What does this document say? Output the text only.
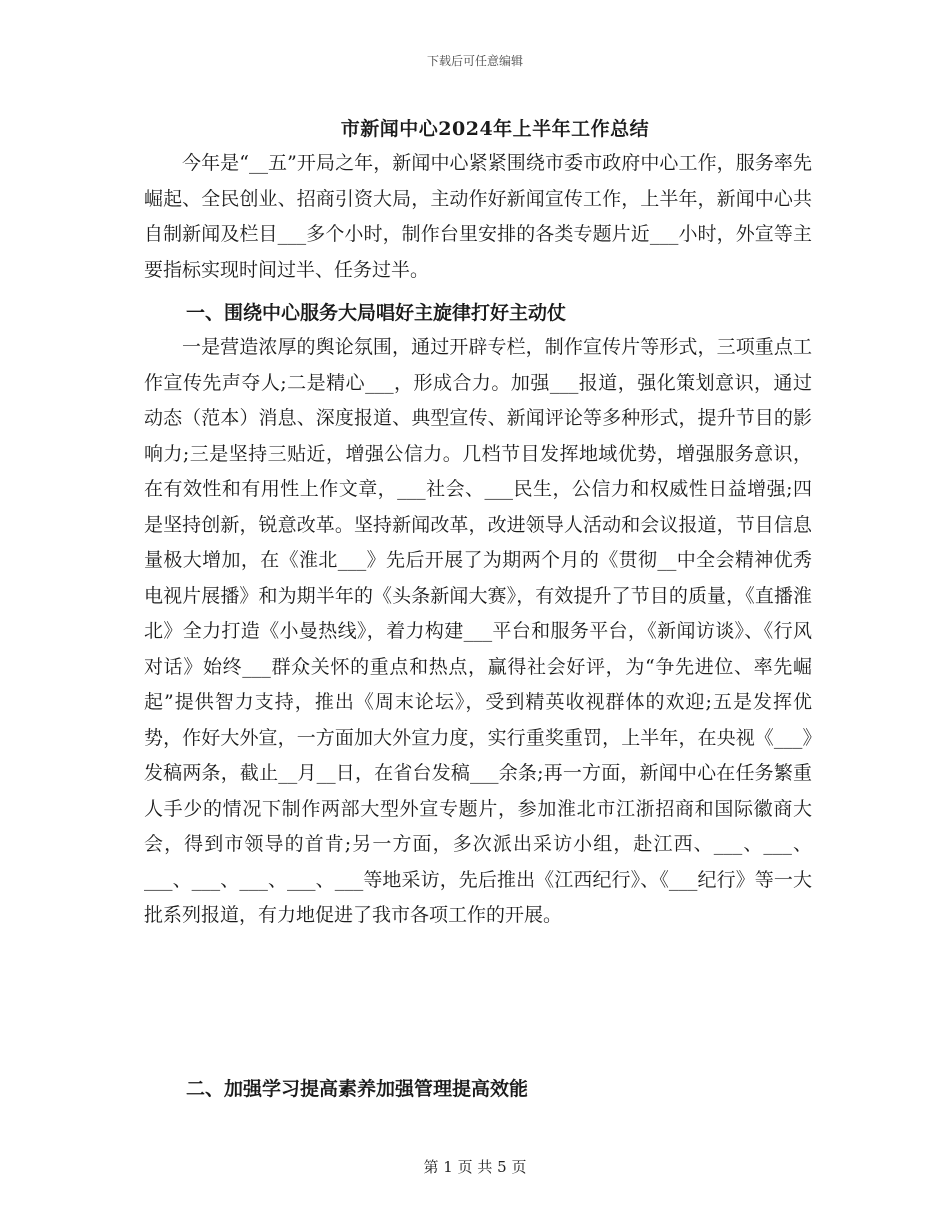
下载后可任意编辑
市新闻中心2024年上半年工作总结

今年是“__五”开局之年，新闻中心紧紧围绕市委市政府中心工作，服务率先崛起、全民创业、招商引资大局，主动作好新闻宣传工作，上半年，新闻中心共自制新闻及栏目___多个小时，制作台里安排的各类专题片近___小时，外宣等主要指标实现时间过半、任务过半。

一、围绕中心服务大局唱好主旋律打好主动仗

一是营造浓厚的舆论氛围，通过开辟专栏，制作宣传片等形式，三项重点工作宣传先声夺人;二是精心___，形成合力。加强___报道，强化策划意识，通过动态（范本）消息、深度报道、典型宣传、新闻评论等多种形式，提升节目的影响力;三是坚持三贴近，增强公信力。几档节目发挥地域优势，增强服务意识，在有效性和有用性上作文章，___社会、___民生，公信力和权威性日益增强;四是坚持创新，锐意改革。坚持新闻改革，改进领导人活动和会议报道，节目信息量极大增加，在《淮北___》先后开展了为期两个月的《贯彻__中全会精神优秀电视片展播》和为期半年的《头条新闻大赛》，有效提升了节目的质量，《直播淮北》全力打造《小曼热线》，着力构建___平台和服务平台，《新闻访谈》、《行风对话》始终___群众关怀的重点和热点，赢得社会好评，为“争先进位、率先崛起”提供智力支持，推出《周末论坛》，受到精英收视群体的欢迎;五是发挥优势，作好大外宣，一方面加大外宣力度，实行重奖重罚，上半年，在央视《___》发稿两条，截止__月__日，在省台发稿___余条;再一方面，新闻中心在任务繁重人手少的情况下制作两部大型外宣专题片，参加淮北市江浙招商和国际徽商大会，得到市领导的首肯;另一方面，多次派出采访小组，赴江西、___、___、___、___、___、___、___等地采访，先后推出《江西纪行》、《___纪行》等一大批系列报道，有力地促进了我市各项工作的开展。

二、加强学习提高素养加强管理提高效能
第 1 页 共 5 页
